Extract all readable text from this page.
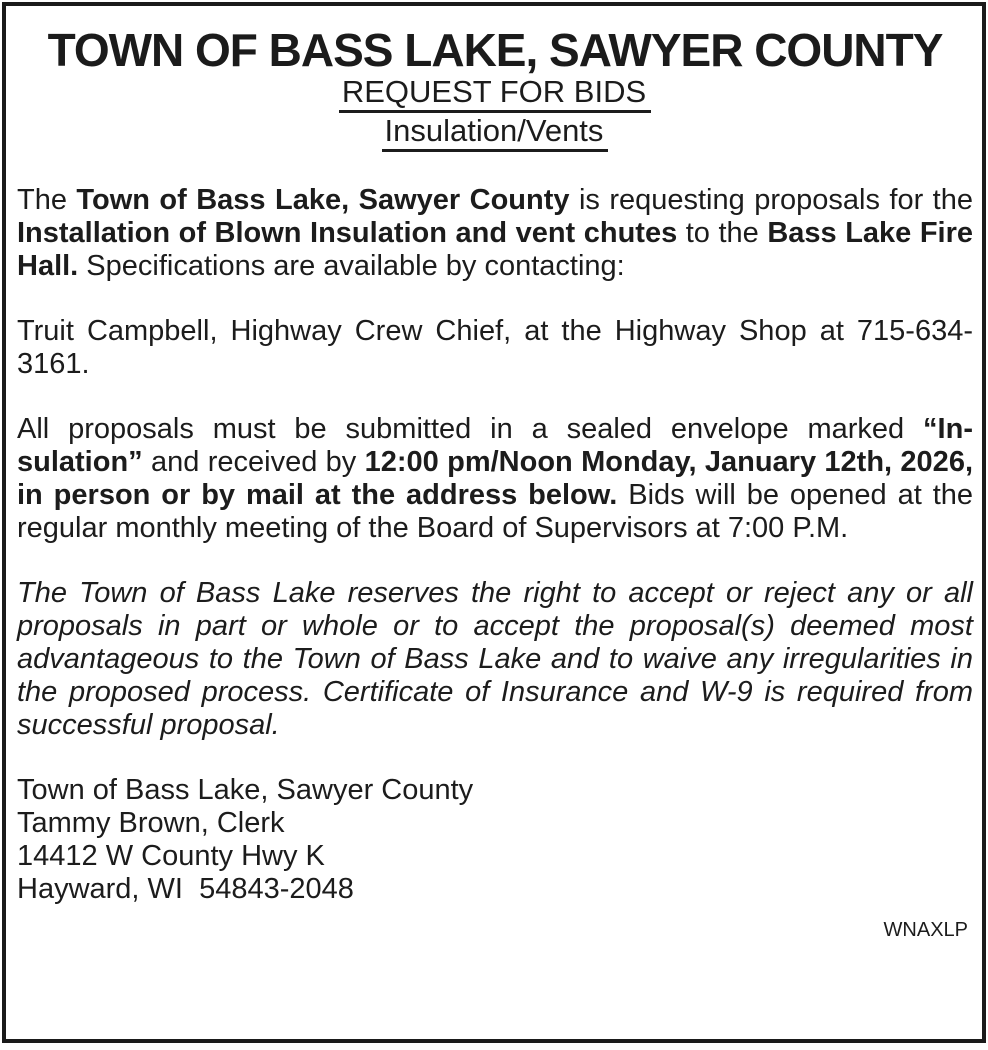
TOWN OF BASS LAKE, SAWYER COUNTY
REQUEST FOR BIDS
Insulation/Vents

The Town of Bass Lake, Sawyer County is requesting proposals for the Installation of Blown Insulation and vent chutes to the Bass Lake Fire Hall. Specifications are available by contacting:

Truit Campbell, Highway Crew Chief, at the Highway Shop at 715-634-3161.

All proposals must be submitted in a sealed envelope marked “Insulation” and received by 12:00 pm/Noon Monday, January 12th, 2026, in person or by mail at the address below. Bids will be opened at the regular monthly meeting of the Board of Supervisors at 7:00 P.M.

The Town of Bass Lake reserves the right to accept or reject any or all proposals in part or whole or to accept the proposal(s) deemed most advantageous to the Town of Bass Lake and to waive any irregularities in the proposed process. Certificate of Insurance and W-9 is required from successful proposal.

Town of Bass Lake, Sawyer County
Tammy Brown, Clerk
14412 W County Hwy K
Hayward, WI  54843-2048
WNAXLP
